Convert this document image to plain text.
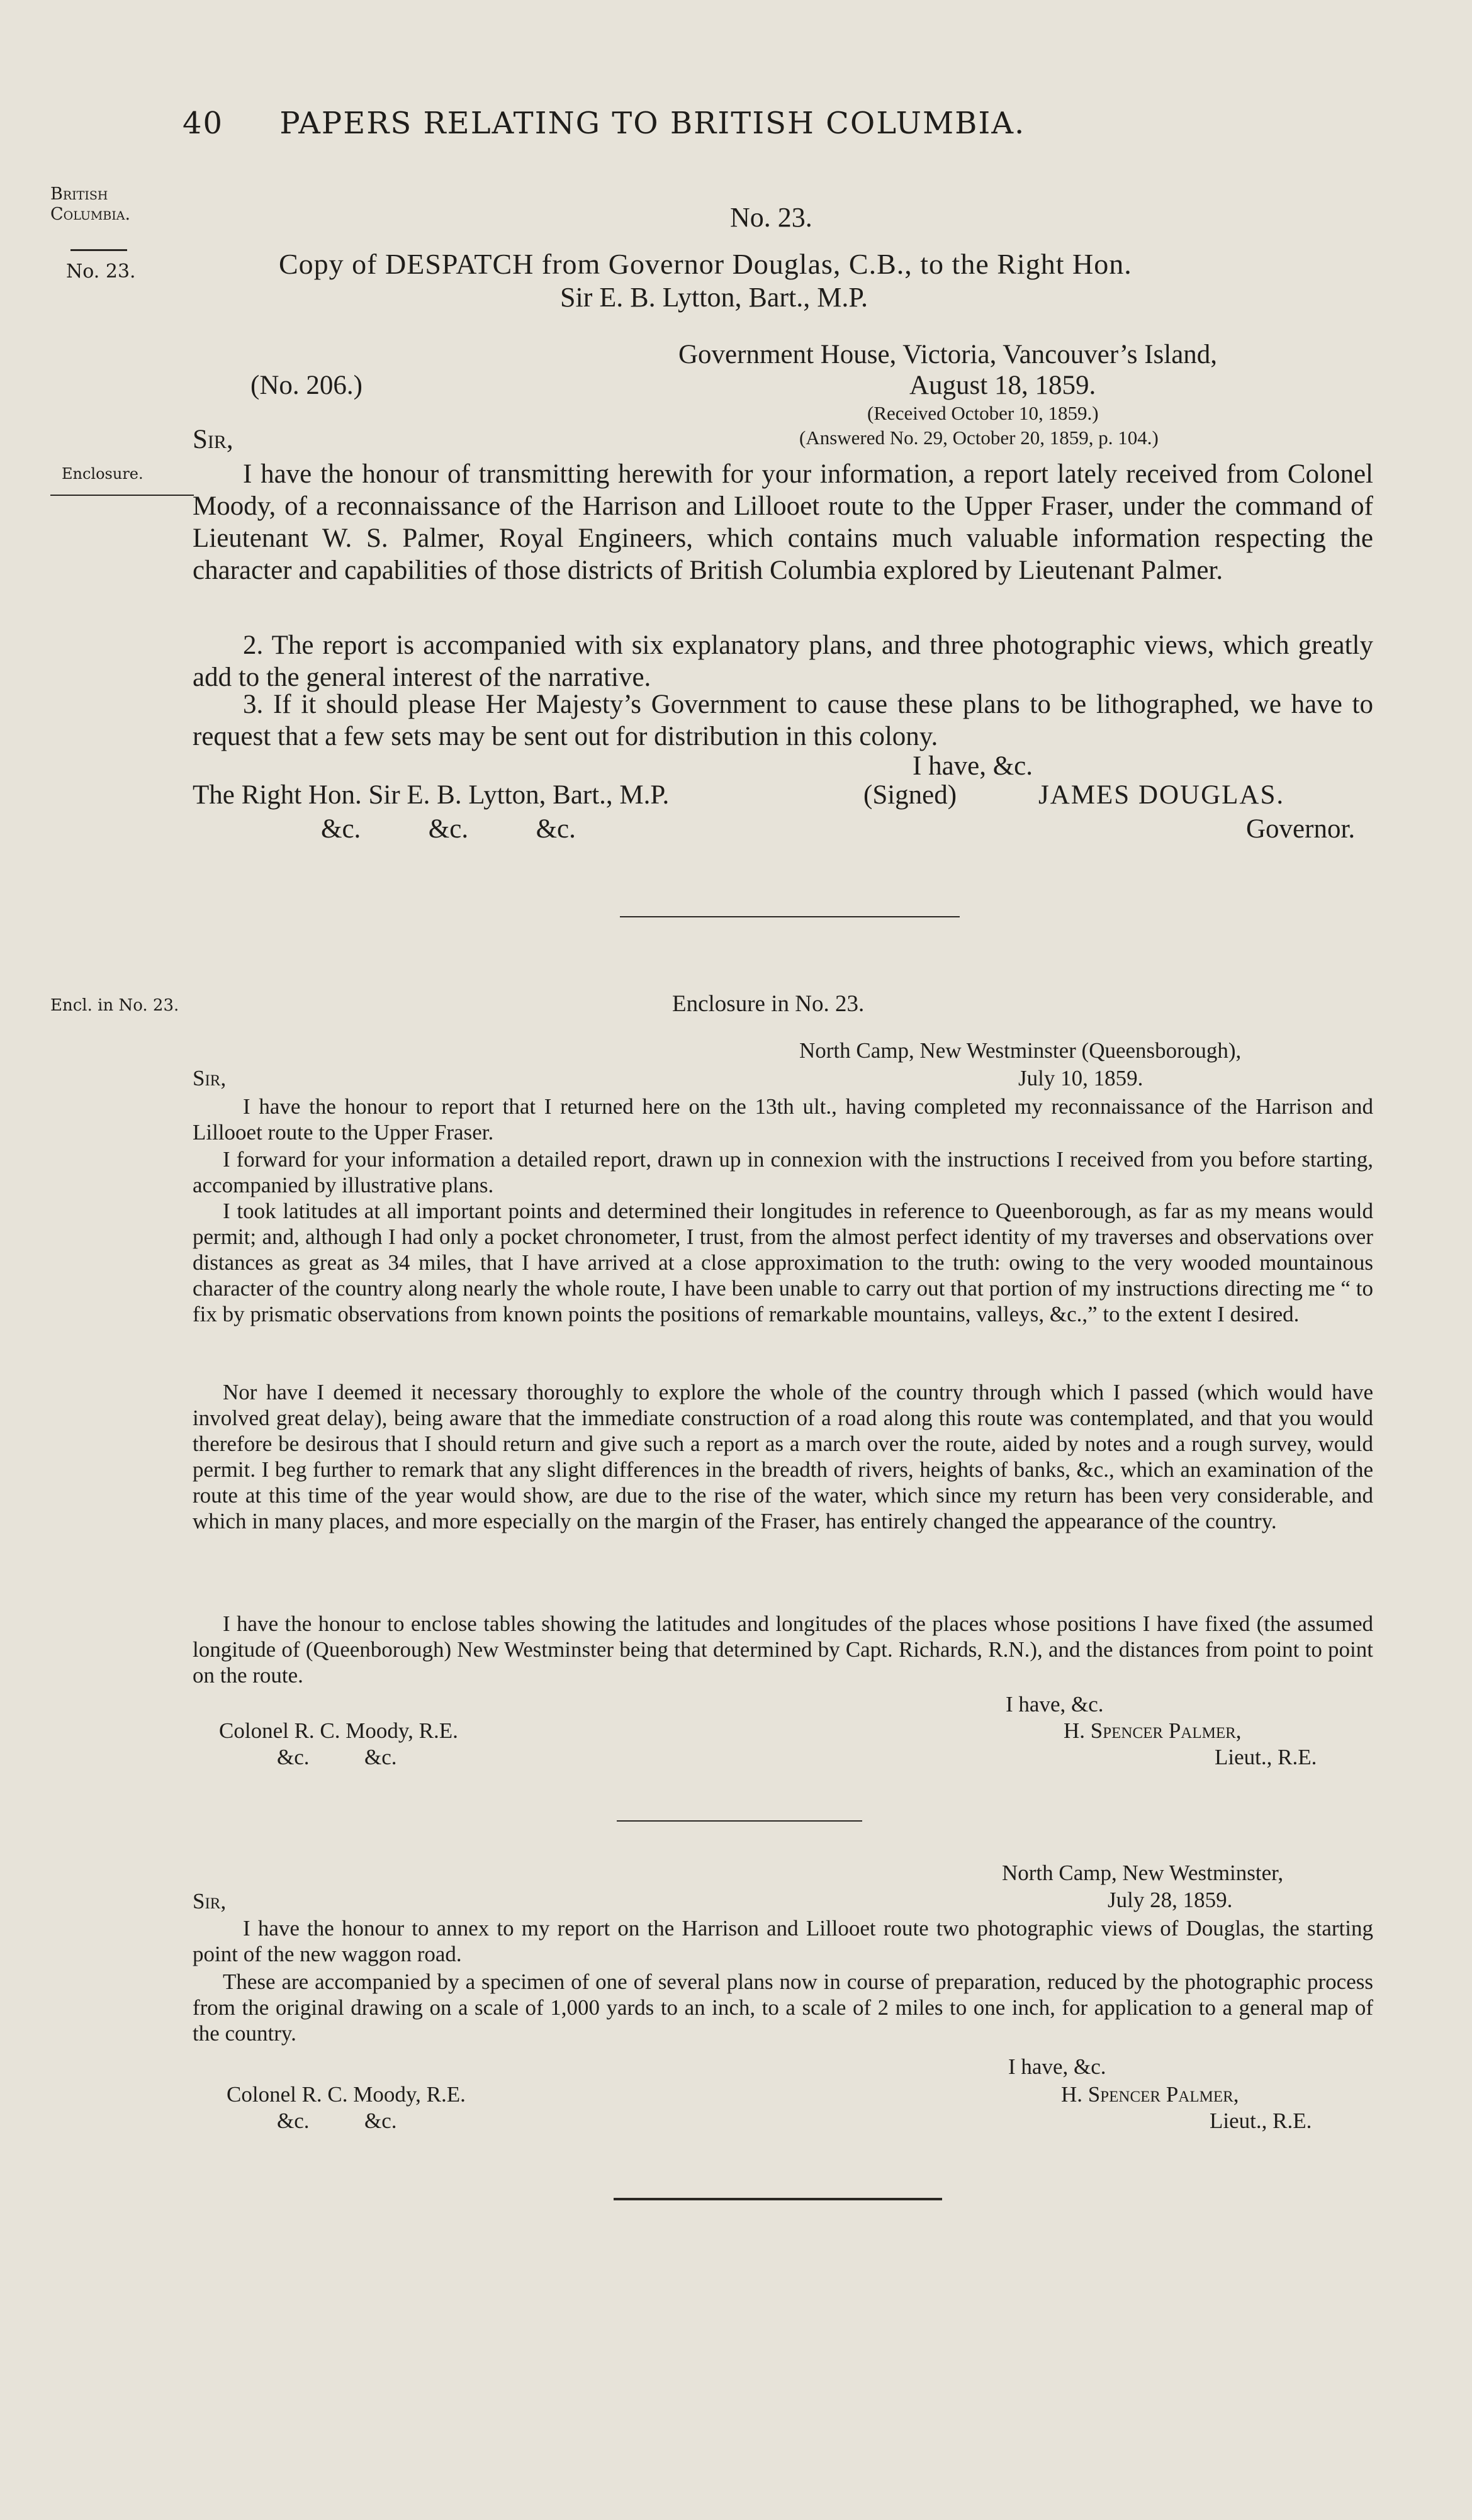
40 PAPERS RELATING TO BRITISH COLUMBIA.
British
Columbia.
No. 23.
Enclosure.
Encl. in No. 23.
No. 23.
Copy of DESPATCH from Governor Douglas, C.B., to the Right Hon.
Sir E. B. Lytton, Bart., M.P.
Government House, Victoria, Vancouver’s Island,
(No. 206.)	August 18, 1859.
(Received October 10, 1859.)
(Answered No. 29, October 20, 1859, p. 104.)
Sir,
I have the honour of transmitting herewith for your information, a report lately received from Colonel Moody, of a reconnaissance of the Harrison and Lillooet route to the Upper Fraser, under the command of Lieutenant W. S. Palmer, Royal Engineers, which contains much valuable information respecting the character and capabilities of those districts of British Columbia explored by Lieutenant Palmer.
2. The report is accompanied with six explanatory plans, and three photographic views, which greatly add to the general interest of the narrative.
3. If it should please Her Majesty’s Government to cause these plans to be lithographed, we have to request that a few sets may be sent out for distribution in this colony.
I have, &c.
The Right Hon. Sir E. B. Lytton, Bart., M.P.	(Signed)	JAMES DOUGLAS.
&c.          &c.          &c.	Governor.
Enclosure in No. 23.
North Camp, New Westminster (Queensborough),
July 10, 1859.
Sir,
I have the honour to report that I returned here on the 13th ult., having completed my reconnaissance of the Harrison and Lillooet route to the Upper Fraser.
I forward for your information a detailed report, drawn up in connexion with the instructions I received from you before starting, accompanied by illustrative plans.
I took latitudes at all important points and determined their longitudes in reference to Queenborough, as far as my means would permit; and, although I had only a pocket chronometer, I trust, from the almost perfect identity of my traverses and observations over distances as great as 34 miles, that I have arrived at a close approximation to the truth: owing to the very wooded mountainous character of the country along nearly the whole route, I have been unable to carry out that portion of my instructions directing me “ to fix by prismatic observations from known points the positions of remarkable mountains, valleys, &c.,” to the extent I desired.
Nor have I deemed it necessary thoroughly to explore the whole of the country through which I passed (which would have involved great delay), being aware that the immediate construction of a road along this route was contemplated, and that you would therefore be desirous that I should return and give such a report as a march over the route, aided by notes and a rough survey, would permit. I beg further to remark that any slight differences in the breadth of rivers, heights of banks, &c., which an examination of the route at this time of the year would show, are due to the rise of the water, which since my return has been very considerable, and which in many places, and more especially on the margin of the Fraser, has entirely changed the appearance of the country.
I have the honour to enclose tables showing the latitudes and longitudes of the places whose positions I have fixed (the assumed longitude of (Queenborough) New Westminster being that determined by Capt. Richards, R.N.), and the distances from point to point on the route.
I have, &c.
Colonel R. C. Moody, R.E.	H. Spencer Palmer,
&c.          &c.	Lieut., R.E.
North Camp, New Westminster,
July 28, 1859.
Sir,
I have the honour to annex to my report on the Harrison and Lillooet route two photographic views of Douglas, the starting point of the new waggon road.
These are accompanied by a specimen of one of several plans now in course of preparation, reduced by the photographic process from the original drawing on a scale of 1,000 yards to an inch, to a scale of 2 miles to one inch, for application to a general map of the country.
I have, &c.
Colonel R. C. Moody, R.E.	H. Spencer Palmer,
&c.          &c.	Lieut., R.E.
